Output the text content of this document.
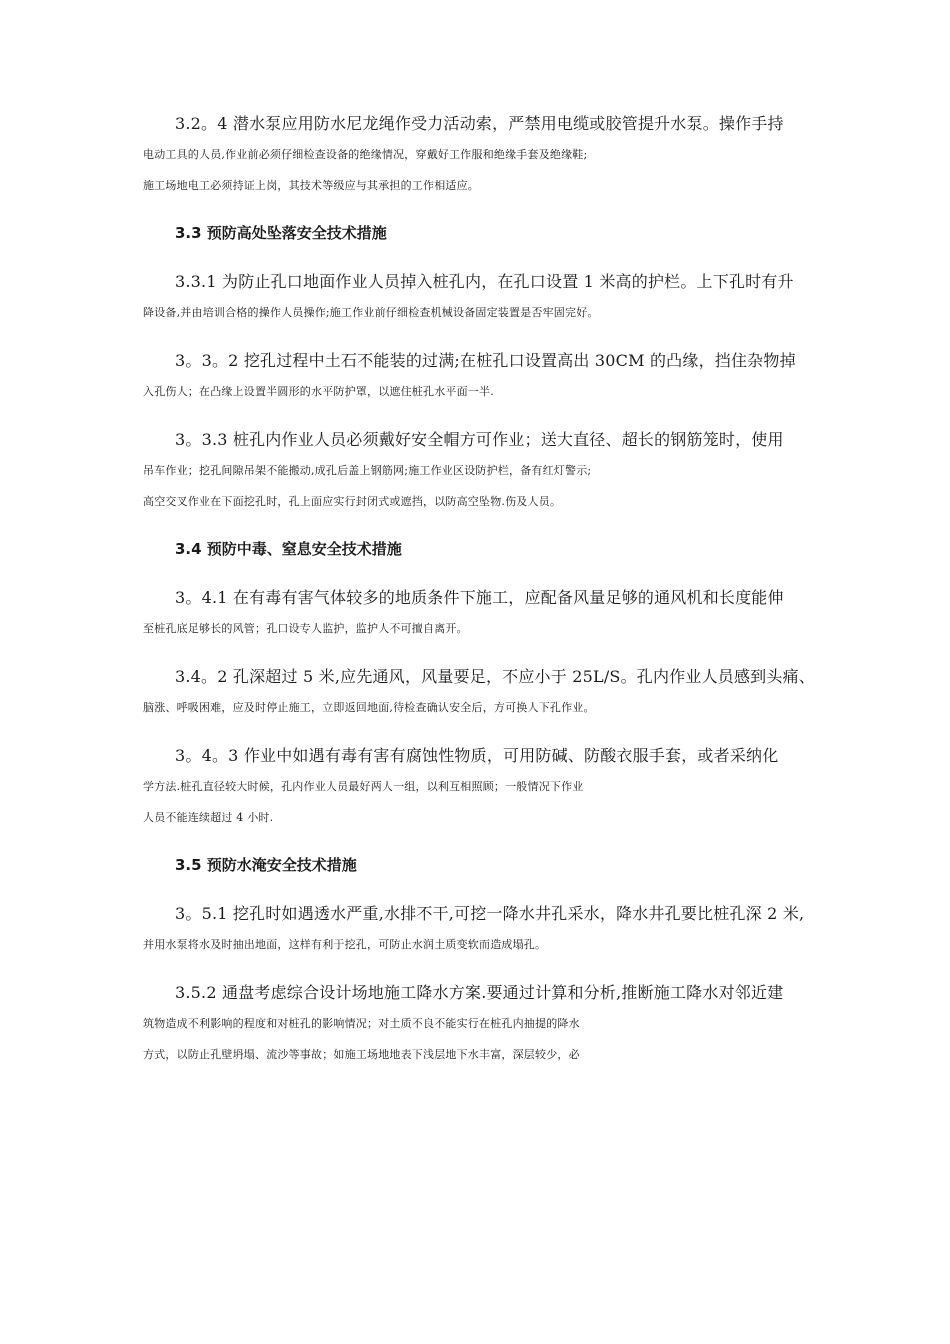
3.2。4 潜水泵应用防水尼龙绳作受力活动索，严禁用电缆或胶管提升水泵。操作手持
电动工具的人员,作业前必须仔细检查设备的绝缘情况，穿戴好工作服和绝缘手套及绝缘鞋;
施工场地电工必须持证上岗，其技术等级应与其承担的工作相适应。
3.3 预防高处坠落安全技术措施
3.3.1 为防止孔口地面作业人员掉入桩孔内，在孔口设置 1 米高的护栏。上下孔时有升
降设备,并由培训合格的操作人员操作;施工作业前仔细检查机械设备固定装置是否牢固完好。
3。3。2 挖孔过程中土石不能装的过满;在桩孔口设置高出 30CM 的凸缘，挡住杂物掉
入孔伤人；在凸缘上设置半圆形的水平防护罩，以遮住桩孔水平面一半.
3。3.3 桩孔内作业人员必须戴好安全帽方可作业；送大直径、超长的钢筋笼时，使用
吊车作业；挖孔间隙吊架不能搬动,成孔后盖上钢筋网;施工作业区设防护栏，备有红灯警示;
高空交叉作业在下面挖孔时，孔上面应实行封闭式或遮挡，以防高空坠物.伤及人员。
3.4 预防中毒、窒息安全技术措施
3。4.1 在有毒有害气体较多的地质条件下施工，应配备风量足够的通风机和长度能伸
至桩孔底足够长的风管；孔口设专人监护，监护人不可擅自离开。
3.4。2 孔深超过 5 米,应先通风，风量要足，不应小于 25L/S。孔内作业人员感到头痛、
脑涨、呼吸困难，应及时停止施工，立即返回地面,待检查确认安全后，方可换人下孔作业。
3。4。3 作业中如遇有毒有害有腐蚀性物质，可用防碱、防酸衣服手套，或者采纳化
学方法.桩孔直径较大时候，孔内作业人员最好两人一组，以利互相照顾；一般情况下作业
人员不能连续超过 4 小时.
3.5 预防水淹安全技术措施
3。5.1 挖孔时如遇透水严重,水排不干,可挖一降水井孔采水，降水井孔要比桩孔深 2 米,
并用水泵将水及时抽出地面，这样有利于挖孔，可防止水润土质变软而造成塌孔。
3.5.2 通盘考虑综合设计场地施工降水方案.要通过计算和分析,推断施工降水对邻近建
筑物造成不利影响的程度和对桩孔的影响情况；对土质不良不能实行在桩孔内抽提的降水
方式，以防止孔壁坍塌、流沙等事故；如施工场地地表下浅层地下水丰富，深层较少，必
